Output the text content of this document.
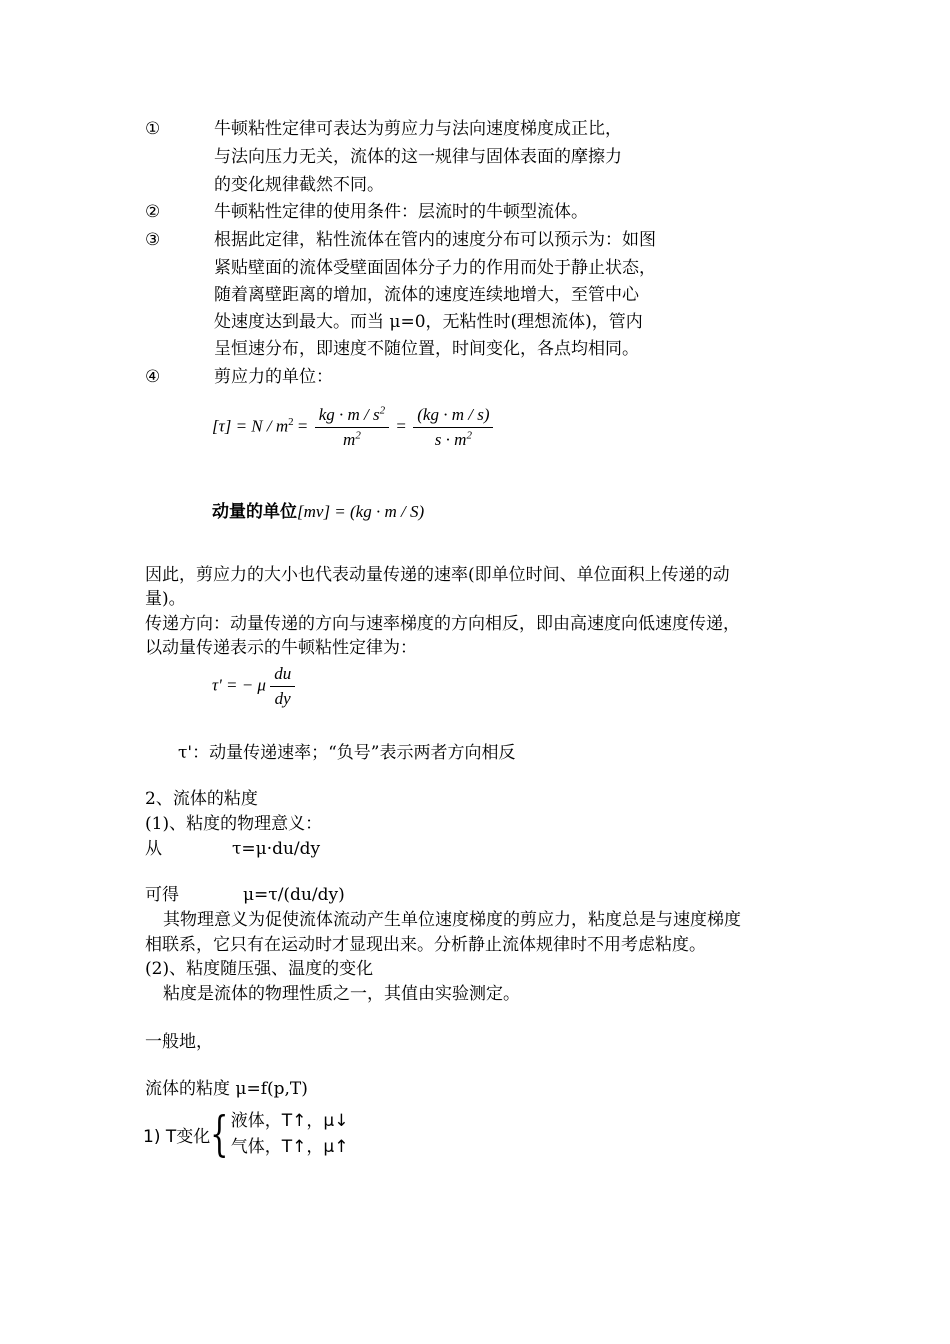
①	牛顿粘性定律可表达为剪应力与法向速度梯度成正比，
与法向压力无关，流体的这一规律与固体表面的摩擦力
的变化规律截然不同。
②	牛顿粘性定律的使用条件：层流时的牛顿型流体。
③	根据此定律，粘性流体在管内的速度分布可以预示为：如图
紧贴壁面的流体受壁面固体分子力的作用而处于静止状态，
随着离壁距离的增加，流体的速度连续地增大，至管中心
处速度达到最大。而当 μ=0，无粘性时(理想流体)，管内
呈恒速分布，即速度不随位置，时间变化，各点均相同。
④	剪应力的单位：
$[\tau] = N / m^2 = \frac{kg \cdot m / s^2}{m^2} = \frac{(kg \cdot m / s)}{s \cdot m^2}$
动量的单位[mv] = (kg · m / S)
因此，剪应力的大小也代表动量传递的速率(即单位时间、单位面积上传递的动
量)。
传递方向：动量传递的方向与速率梯度的方向相反，即由高速度向低速度传递，
以动量传递表示的牛顿粘性定律为：
τ' = − μ $\frac{du}{dy}$
τ'：动量传递速率；“负号”表示两者方向相反
2、流体的粘度
(1)、粘度的物理意义：
从	τ=μ·du/dy
可得	μ=τ/(du/dy)
其物理意义为促使流体流动产生单位速度梯度的剪应力，粘度总是与速度梯度
相联系，它只有在运动时才显现出来。分析静止流体规律时不用考虑粘度。
(2)、粘度随压强、温度的变化
粘度是流体的物理性质之一，其值由实验测定。
一般地，
流体的粘度 μ=f(p,T)
1) T变化{ 液体，T↑，μ↓
气体，T↑，μ↑
